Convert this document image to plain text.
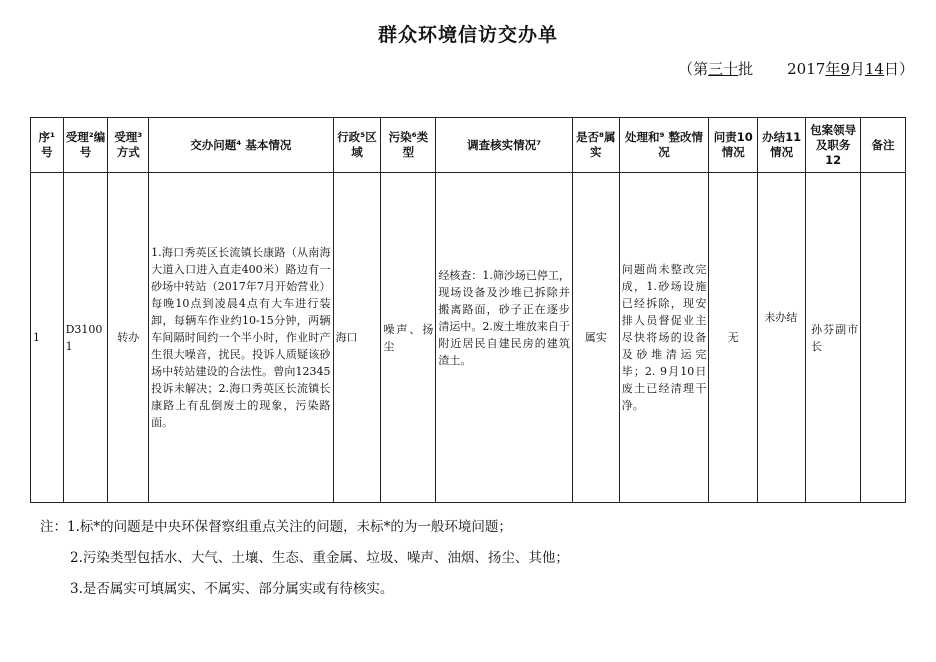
群众环境信访交办单
（第三十批 2017年9月14日）
序¹号	受理²编号	受理³方式	交办问题⁴ 基本情况	行政⁵区域	污染⁶类型	调查核实情况⁷	是否⁸属实	处理和⁹ 整改情况	问责10情况	办结11情况	包案领导及职务12	备注
1	D31001	转办	1.海口秀英区长流镇长康路（从南海大道入口进入直走400米）路边有一砂场中转站（2017年7月开始营业）每晚10点到凌晨4点有大车进行装卸，每辆车作业约10-15分钟，两辆车间隔时间约一个半小时，作业时产生很大噪音，扰民。投诉人质疑该砂场中转站建设的合法性。曾向12345投诉未解决；2.海口秀英区长流镇长康路上有乱倒废土的现象，污染路面。	海口	噪声、扬尘	经核查：1.筛沙场已停工，现场设备及沙堆已拆除并搬离路面，砂子正在逐步清运中。2.废土堆放来自于附近居民自建民房的建筑渣土。	属实	问题尚未整改完成，1.砂场设施已经拆除，现安排人员督促业主尽快将场的设备及砂堆清运完毕；2. 9月10日废土已经清理干净。	无	未办结	孙芬副市长	
注：1.标*的问题是中央环保督察组重点关注的问题，未标*的为一般环境问题；
2.污染类型包括水、大气、土壤、生态、重金属、垃圾、噪声、油烟、扬尘、其他；
3.是否属实可填属实、不属实、部分属实或有待核实。
